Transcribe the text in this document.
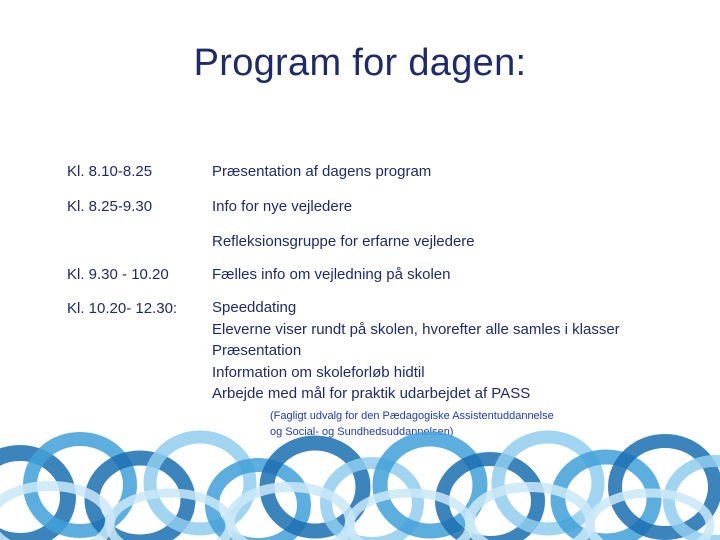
Program for dagen:
Kl. 8.10-8.25	Præsentation af dagens program
Kl. 8.25-9.30	Info for nye vejledere
Refleksionsgruppe for erfarne vejledere
Kl. 9.30 - 10.20	Fælles info om vejledning på skolen
Kl. 10.20- 12.30: Speeddating
Eleverne viser rundt på skolen, hvorefter alle samles i klasser
Præsentation
Information om skoleforløb hidtil
Arbejde med mål for praktik udarbejdet af PASS
(Fagligt udvalg for den Pædagogiske Assistentuddannelse
og Social- og Sundhedsuddannelsen)
